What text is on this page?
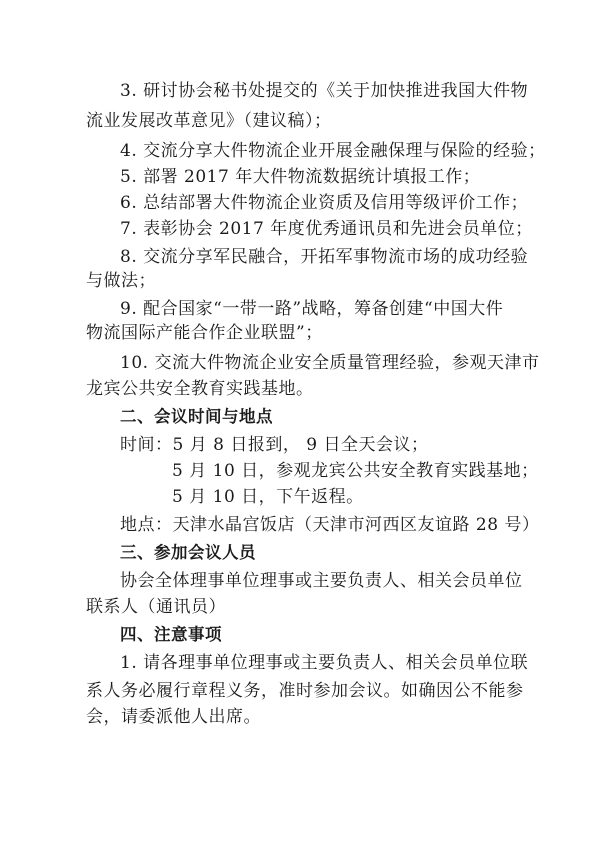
3. 研讨协会秘书处提交的《关于加快推进我国大件物
流业发展改革意见》（建议稿）；
4. 交流分享大件物流企业开展金融保理与保险的经验；
5. 部署 2017 年大件物流数据统计填报工作；
6. 总结部署大件物流企业资质及信用等级评价工作；
7. 表彰协会 2017 年度优秀通讯员和先进会员单位；
8. 交流分享军民融合，开拓军事物流市场的成功经验
与做法；
9. 配合国家“一带一路”战略，筹备创建“中国大件
物流国际产能合作企业联盟”；
10. 交流大件物流企业安全质量管理经验，参观天津市
龙宾公共安全教育实践基地。
二、会议时间与地点
时间：5 月 8 日报到， 9 日全天会议；
5 月 10 日，参观龙宾公共安全教育实践基地；
5 月 10 日，下午返程。
地点：天津水晶宫饭店（天津市河西区友谊路 28 号）
三、参加会议人员
协会全体理事单位理事或主要负责人、相关会员单位
联系人（通讯员）
四、注意事项
1. 请各理事单位理事或主要负责人、相关会员单位联
系人务必履行章程义务，准时参加会议。如确因公不能参
会，请委派他人出席。
